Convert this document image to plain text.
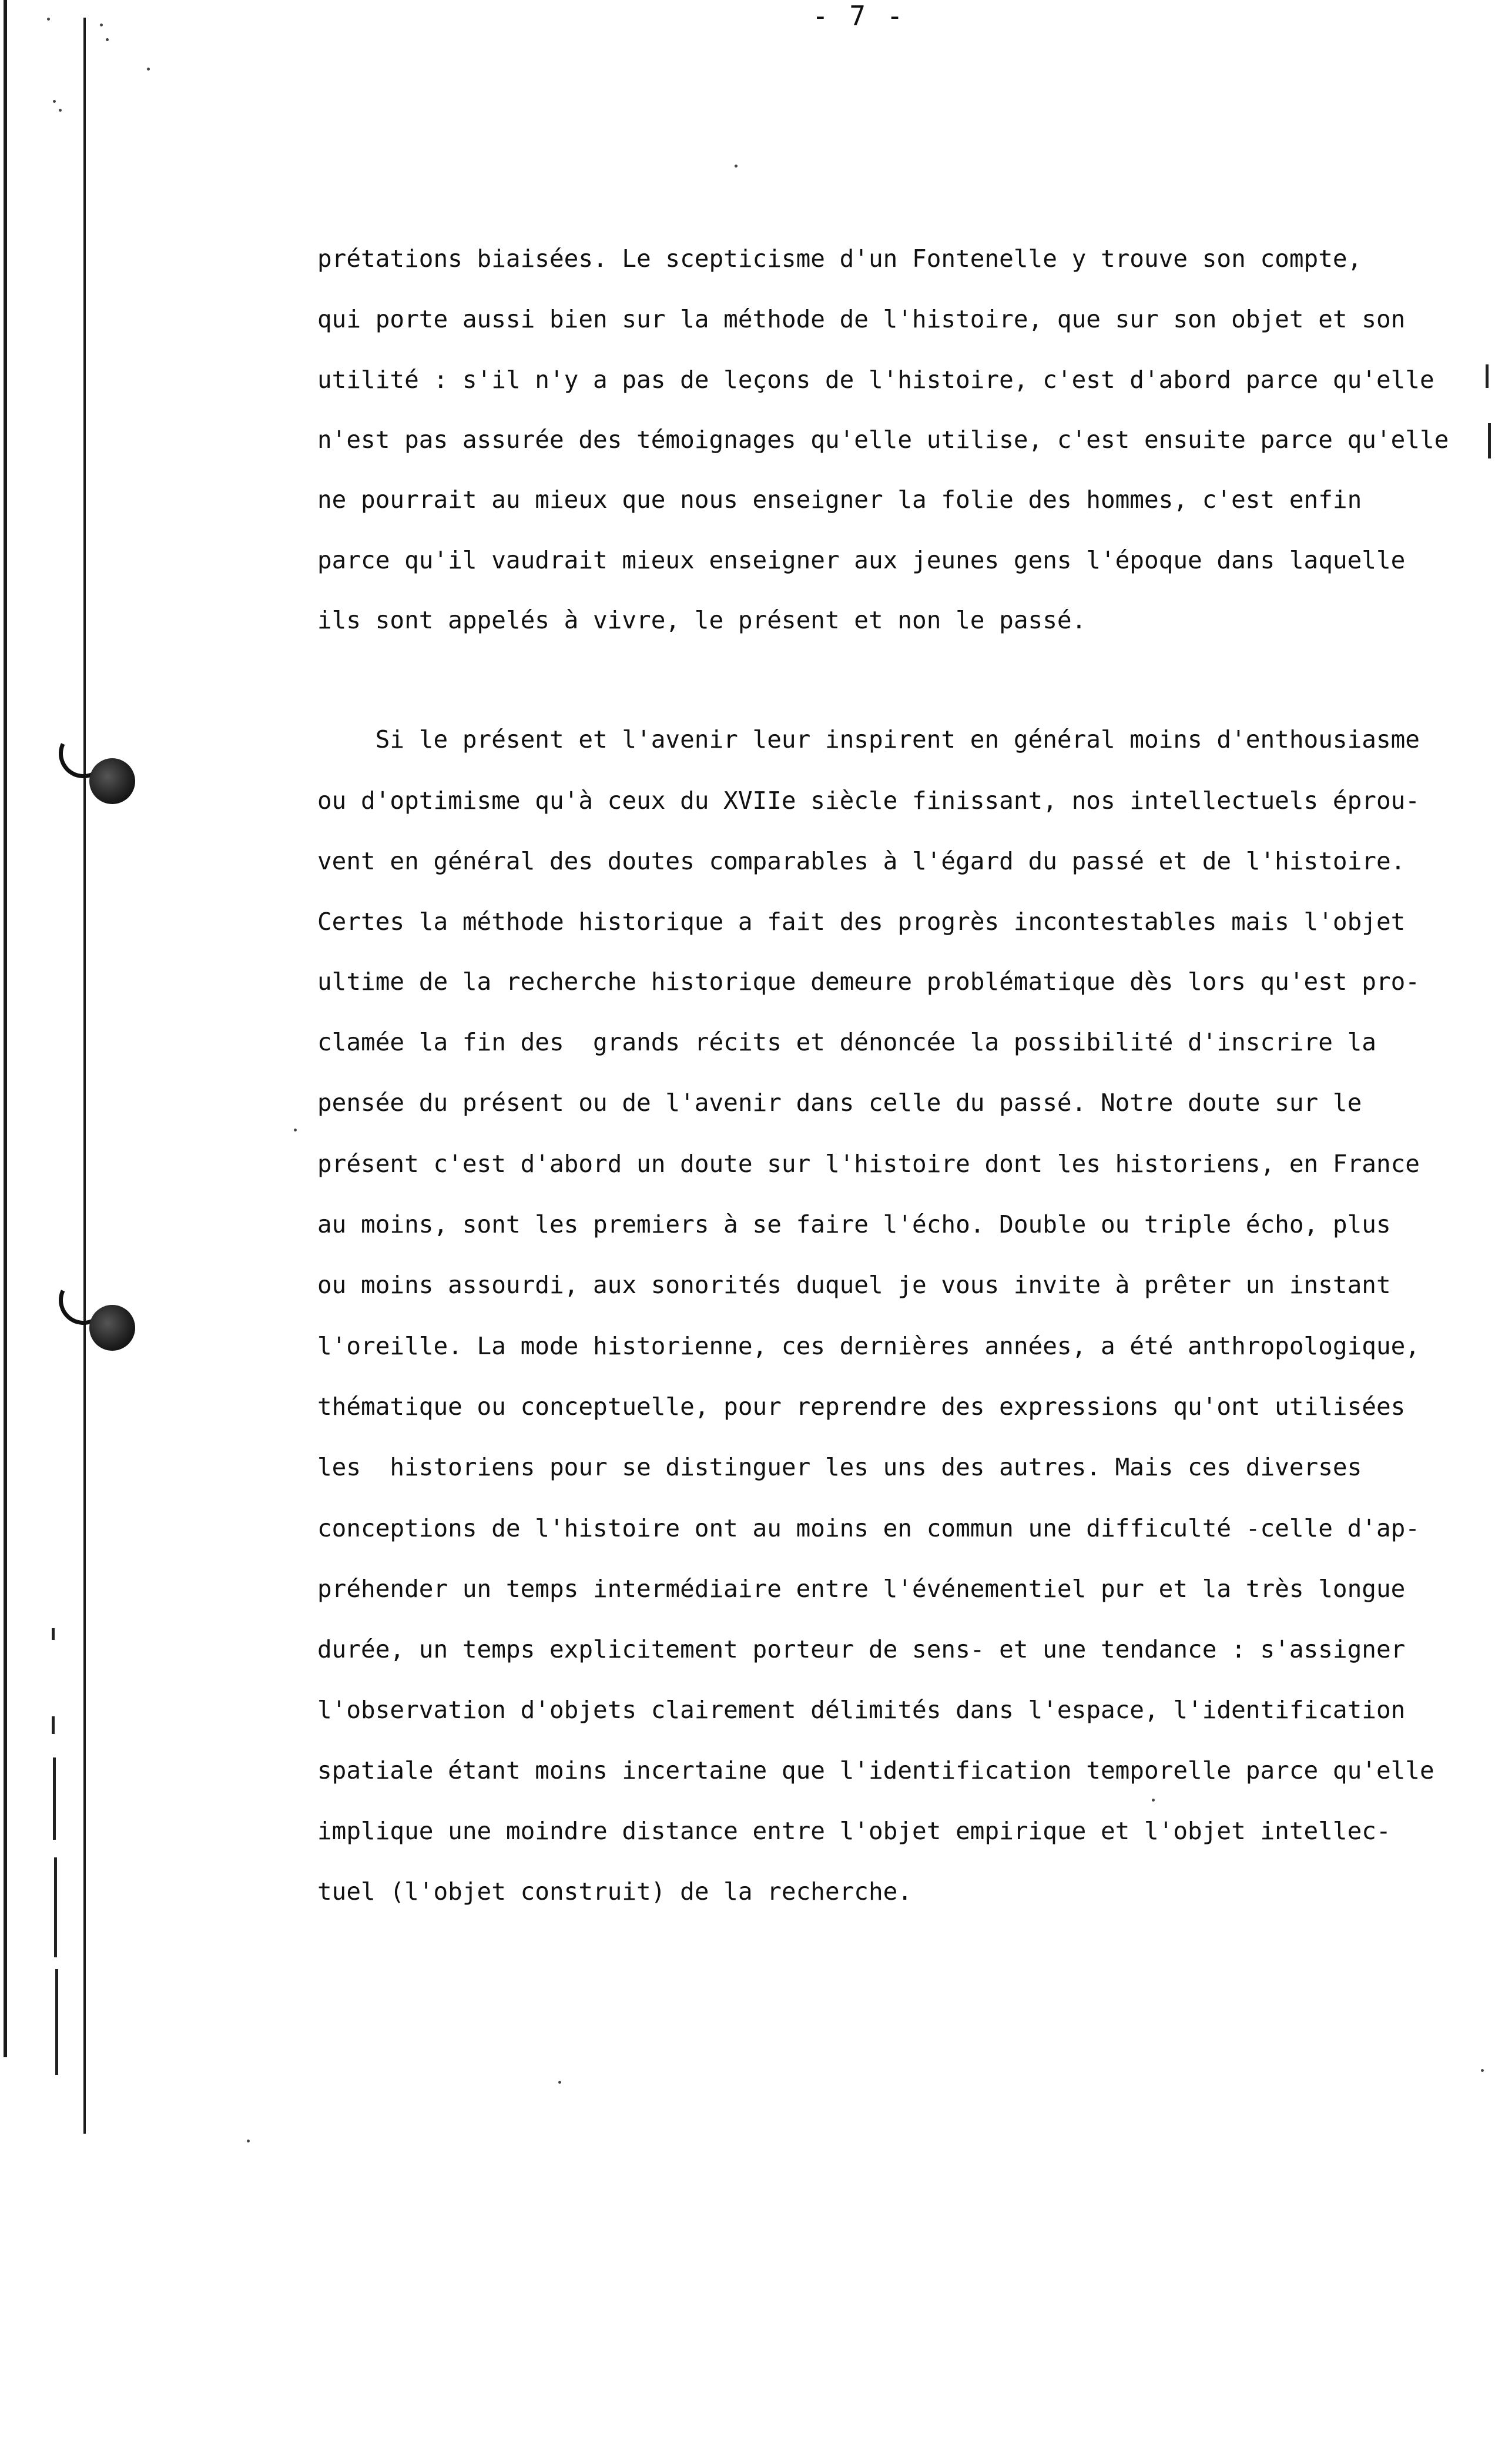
- 7 -
prétations biaisées. Le scepticisme d'un Fontenelle y trouve son compte,
qui porte aussi bien sur la méthode de l'histoire, que sur son objet et son
utilité : s'il n'y a pas de leçons de l'histoire, c'est d'abord parce qu'elle
n'est pas assurée des témoignages qu'elle utilise, c'est ensuite parce qu'elle
ne pourrait au mieux que nous enseigner la folie des hommes, c'est enfin
parce qu'il vaudrait mieux enseigner aux jeunes gens l'époque dans laquelle
ils sont appelés à vivre, le présent et non le passé.
Si le présent et l'avenir leur inspirent en général moins d'enthousiasme
ou d'optimisme qu'à ceux du XVIIe siècle finissant, nos intellectuels éprou-
vent en général des doutes comparables à l'égard du passé et de l'histoire.
Certes la méthode historique a fait des progrès incontestables mais l'objet
ultime de la recherche historique demeure problématique dès lors qu'est pro-
clamée la fin des  grands récits et dénoncée la possibilité d'inscrire la
pensée du présent ou de l'avenir dans celle du passé. Notre doute sur le
présent c'est d'abord un doute sur l'histoire dont les historiens, en France
au moins, sont les premiers à se faire l'écho. Double ou triple écho, plus
ou moins assourdi, aux sonorités duquel je vous invite à prêter un instant
l'oreille. La mode historienne, ces dernières années, a été anthropologique,
thématique ou conceptuelle, pour reprendre des expressions qu'ont utilisées
les  historiens pour se distinguer les uns des autres. Mais ces diverses
conceptions de l'histoire ont au moins en commun une difficulté -celle d'ap-
préhender un temps intermédiaire entre l'événementiel pur et la très longue
durée, un temps explicitement porteur de sens- et une tendance : s'assigner
l'observation d'objets clairement délimités dans l'espace, l'identification
spatiale étant moins incertaine que l'identification temporelle parce qu'elle
implique une moindre distance entre l'objet empirique et l'objet intellec-
tuel (l'objet construit) de la recherche.
